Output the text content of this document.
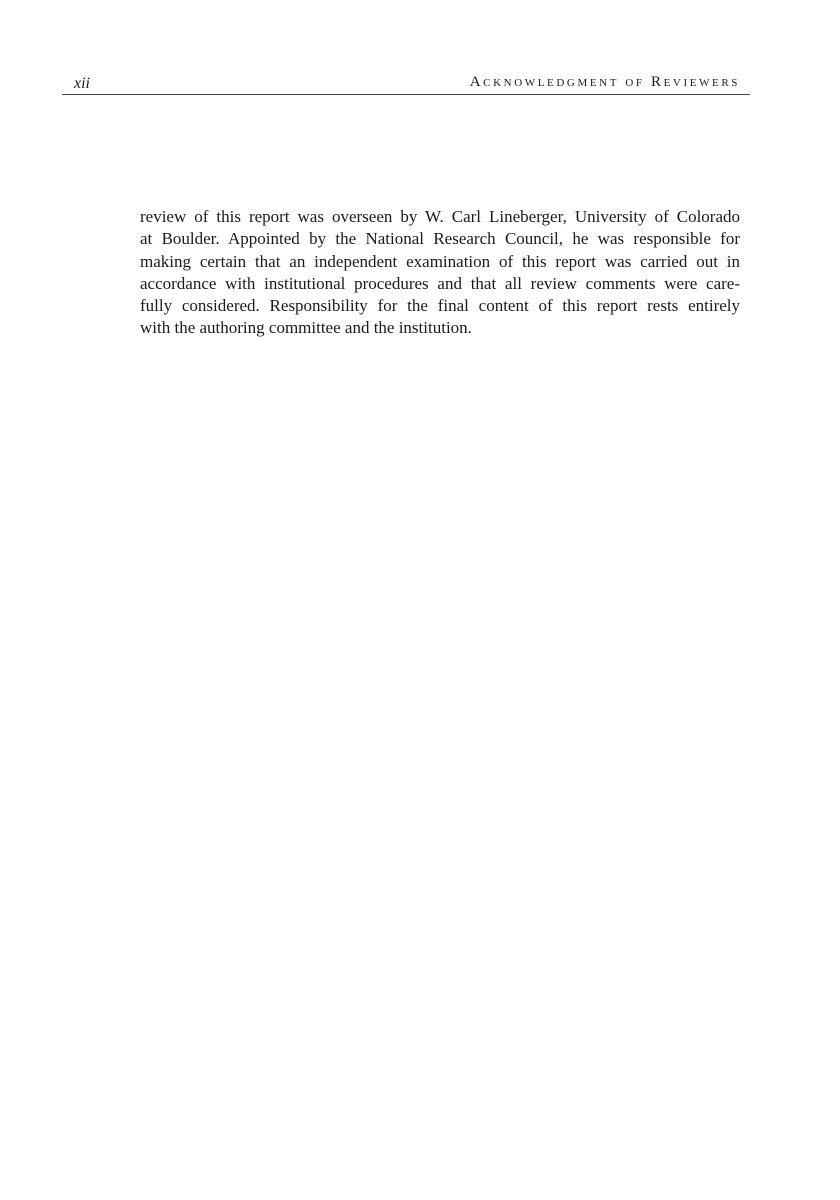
xii	Acknowledgment of Reviewers
review of this report was overseen by W. Carl Lineberger, University of Colorado
at Boulder. Appointed by the National Research Council, he was responsible for
making certain that an independent examination of this report was carried out in
accordance with institutional procedures and that all review comments were care-
fully considered. Responsibility for the final content of this report rests entirely
with the authoring committee and the institution.
